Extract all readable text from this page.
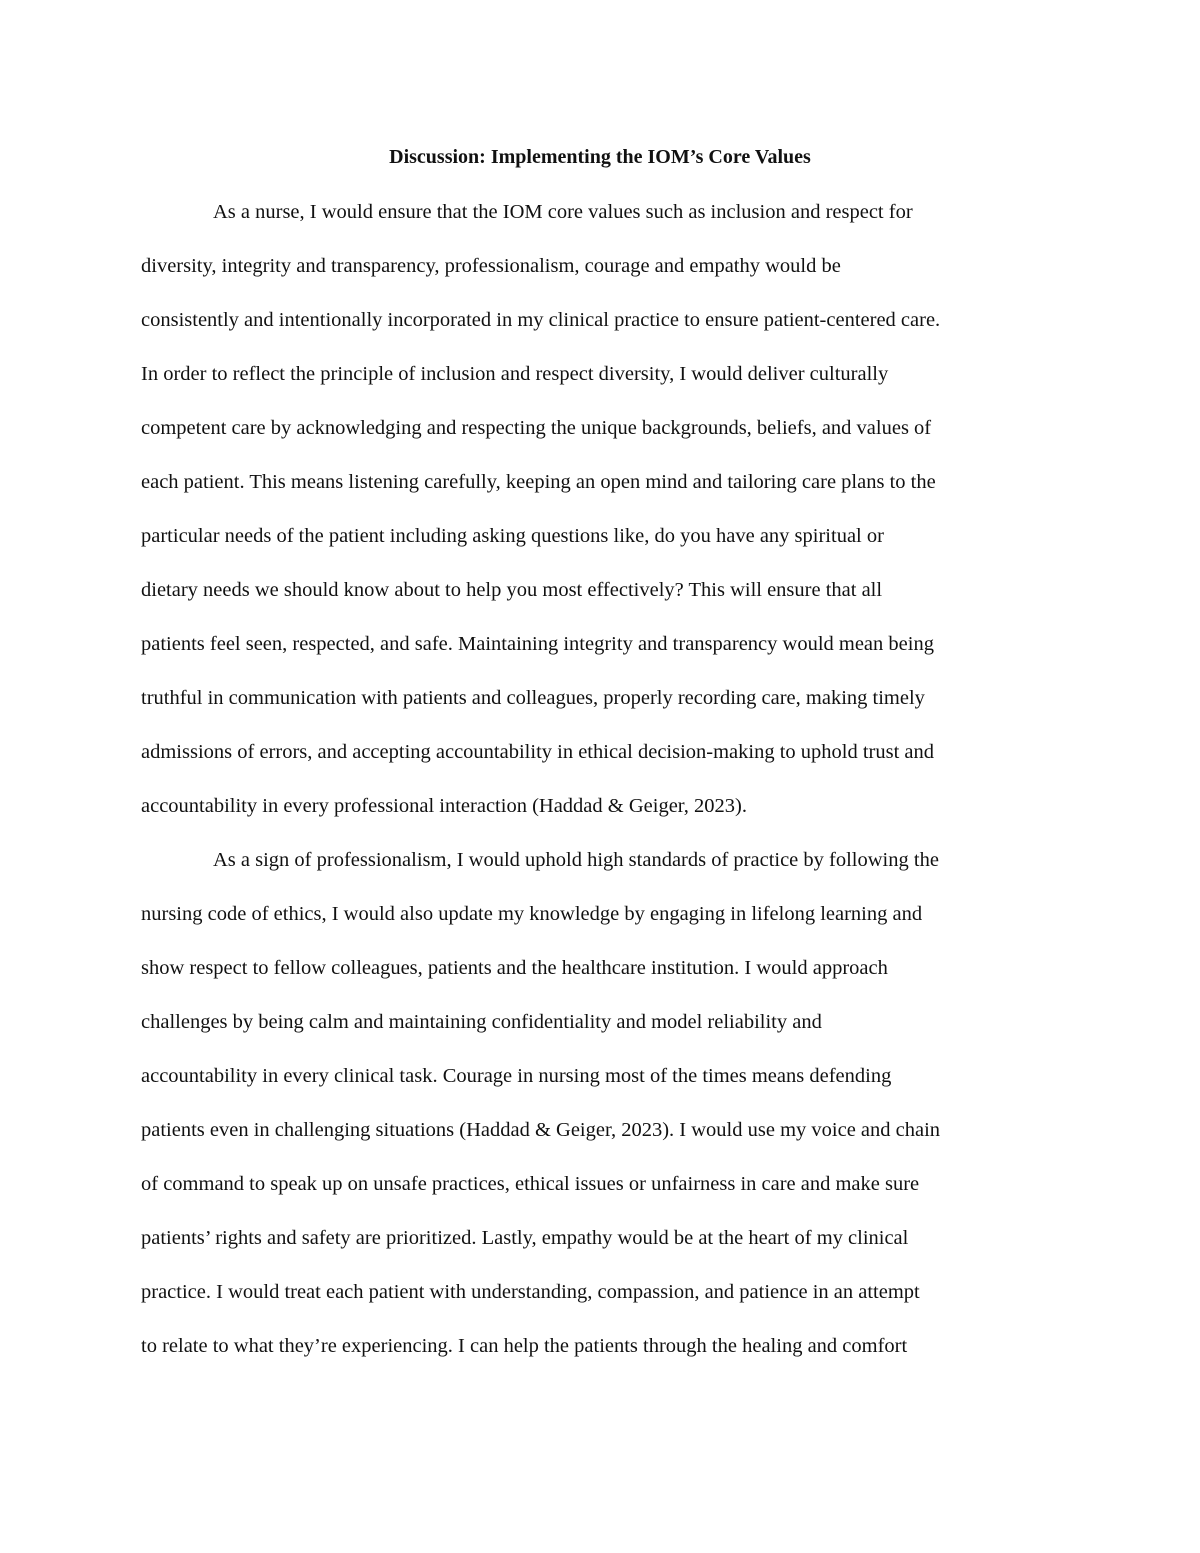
Discussion: Implementing the IOM’s Core Values

As a nurse, I would ensure that the IOM core values such as inclusion and respect for

diversity, integrity and transparency, professionalism, courage and empathy would be

consistently and intentionally incorporated in my clinical practice to ensure patient-centered care.

In order to reflect the principle of inclusion and respect diversity, I would deliver culturally

competent care by acknowledging and respecting the unique backgrounds, beliefs, and values of

each patient. This means listening carefully, keeping an open mind and tailoring care plans to the

particular needs of the patient including asking questions like, do you have any spiritual or

dietary needs we should know about to help you most effectively? This will ensure that all

patients feel seen, respected, and safe. Maintaining integrity and transparency would mean being

truthful in communication with patients and colleagues, properly recording care, making timely

admissions of errors, and accepting accountability in ethical decision-making to uphold trust and

accountability in every professional interaction (Haddad & Geiger, 2023).

As a sign of professionalism, I would uphold high standards of practice by following the

nursing code of ethics, I would also update my knowledge by engaging in lifelong learning and

show respect to fellow colleagues, patients and the healthcare institution. I would approach

challenges by being calm and maintaining confidentiality and model reliability and

accountability in every clinical task. Courage in nursing most of the times means defending

patients even in challenging situations (Haddad & Geiger, 2023). I would use my voice and chain

of command to speak up on unsafe practices, ethical issues or unfairness in care and make sure

patients’ rights and safety are prioritized. Lastly, empathy would be at the heart of my clinical

practice. I would treat each patient with understanding, compassion, and patience in an attempt

to relate to what they’re experiencing. I can help the patients through the healing and comfort
